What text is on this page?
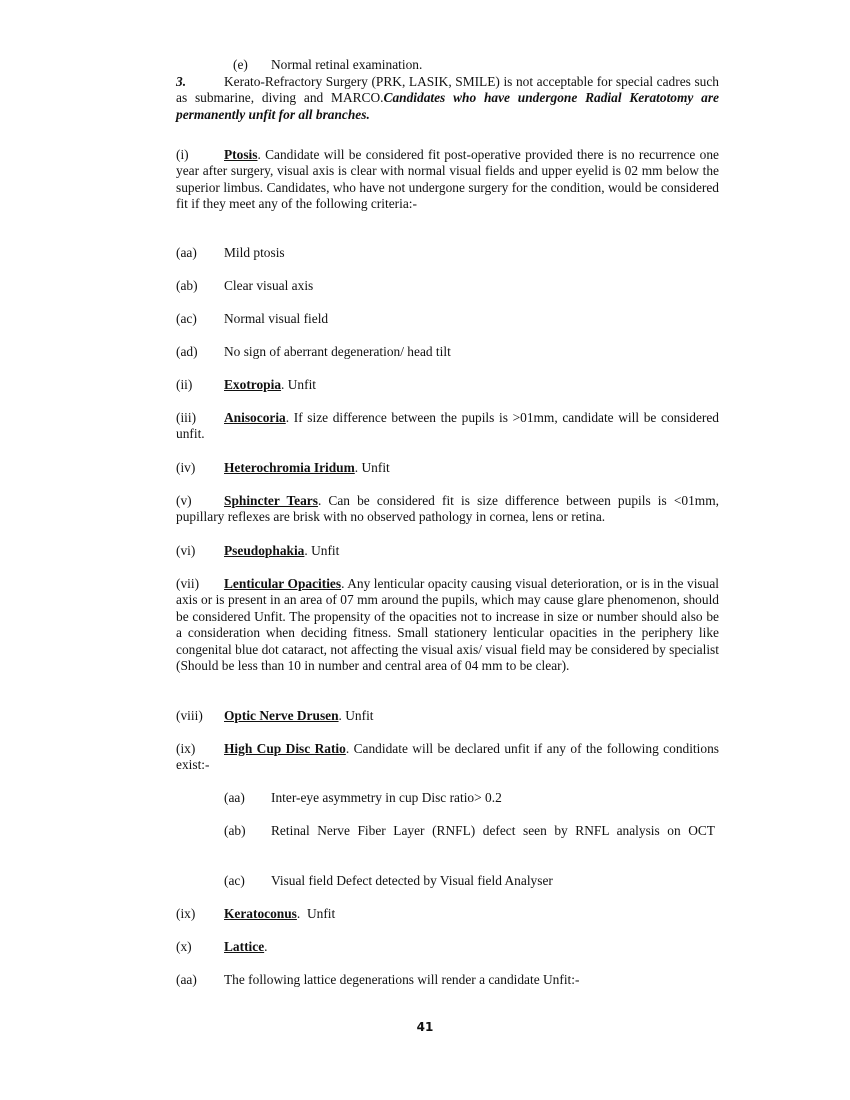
(e) Normal retinal examination.

3.	Kerato-Refractory Surgery (PRK, LASIK, SMILE) is not acceptable for special cadres such as submarine, diving and MARCO.Candidates who have undergone Radial Keratotomy are permanently unfit for all branches.

(i)	Ptosis. Candidate will be considered fit post-operative provided there is no recurrence one year after surgery, visual axis is clear with normal visual fields and upper eyelid is 02 mm below the superior limbus. Candidates, who have not undergone surgery for the condition, would be considered fit if they meet any of the following criteria:-

(aa) Mild ptosis
(ab) Clear visual axis
(ac) Normal visual field
(ad) No sign of aberrant degeneration/ head tilt
(ii) Exotropia. Unfit

(iii) Anisocoria. If size difference between the pupils is >01mm, candidate will be considered unfit.

(iv) Heterochromia Iridum. Unfit

(v) Sphincter Tears. Can be considered fit is size difference between pupils is <01mm, pupillary reflexes are brisk with no observed pathology in cornea, lens or retina.

(vi) Pseudophakia. Unfit

(vii) Lenticular Opacities. Any lenticular opacity causing visual deterioration, or is in the visual axis or is present in an area of 07 mm around the pupils, which may cause glare phenomenon, should be considered Unfit. The propensity of the opacities not to increase in size or number should also be a consideration when deciding fitness. Small stationery lenticular opacities in the periphery like congenital blue dot cataract, not affecting the visual axis/ visual field may be considered by specialist (Should be less than 10 in number and central area of 04 mm to be clear).

(viii) Optic Nerve Drusen. Unfit

(ix) High Cup Disc Ratio. Candidate will be declared unfit if any of the following conditions exist:-

(aa) Inter-eye asymmetry in cup Disc ratio> 0.2

(ab) Retinal Nerve Fiber Layer (RNFL) defect seen by RNFL analysis on OCT

(ac) Visual field Defect detected by Visual field Analyser
(ix) Keratoconus.  Unfit
(x) Lattice.
(aa) The following lattice degenerations will render a candidate Unfit:-
41
